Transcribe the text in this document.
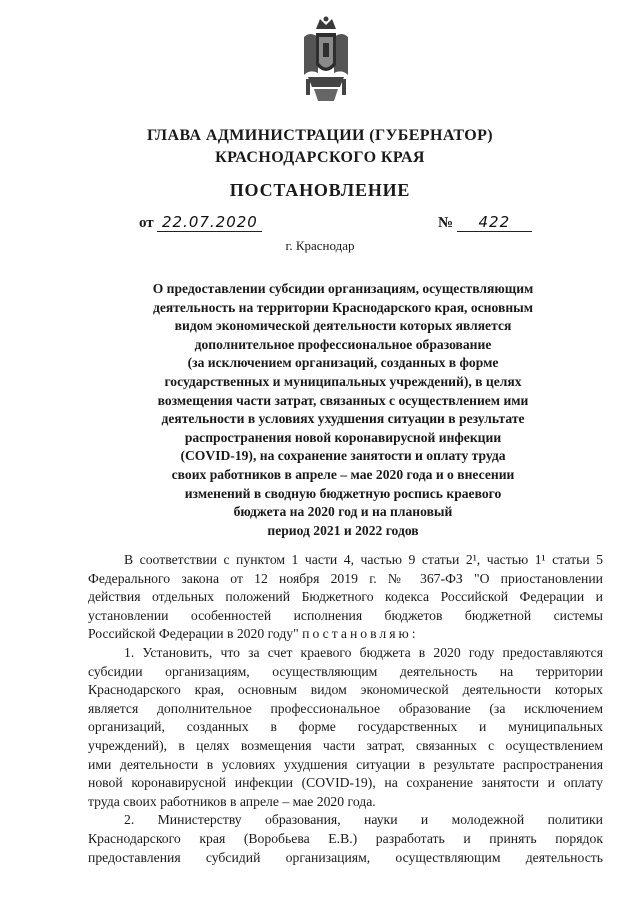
ГЛАВА АДМИНИСТРАЦИИ (ГУБЕРНАТОР)
КРАСНОДАРСКОГО КРАЯ
ПОСТАНОВЛЕНИЕ
от 22.07.2020	№ 422
г. Краснодар
О предоставлении субсидии организациям, осуществляющим
деятельность на территории Краснодарского края, основным
видом экономической деятельности которых является
дополнительное профессиональное образование
(за исключением организаций, созданных в форме
государственных и муниципальных учреждений), в целях
возмещения части затрат, связанных с осуществлением ими
деятельности в условиях ухудшения ситуации в результате
распространения новой коронавирусной инфекции
(COVID-19), на сохранение занятости и оплату труда
своих работников в апреле – мае 2020 года и о внесении
изменений в сводную бюджетную роспись краевого
бюджета на 2020 год и на плановый
период 2021 и 2022 годов
В соответствии с пунктом 1 части 4, частью 9 статьи 2¹, частью 1¹ статьи 5
Федерального закона от 12 ноября 2019 г. № 367-ФЗ "О приостановлении
действия отдельных положений Бюджетного кодекса Российской Федерации и
установлении особенностей исполнения бюджетов бюджетной системы
Российской Федерации в 2020 году" постановляю:
1. Установить, что за счет краевого бюджета в 2020 году предоставляются
субсидии организациям, осуществляющим деятельность на территории
Краснодарского края, основным видом экономической деятельности которых
является дополнительное профессиональное образование (за исключением
организаций, созданных в форме государственных и муниципальных
учреждений), в целях возмещения части затрат, связанных с осуществлением
ими деятельности в условиях ухудшения ситуации в результате распространения
новой коронавирусной инфекции (COVID-19), на сохранение занятости и оплату
труда своих работников в апреле – мае 2020 года.
2. Министерству образования, науки и молодежной политики
Краснодарского края (Воробьева Е.В.) разработать и принять порядок
предоставления субсидий организациям, осуществляющим деятельность
